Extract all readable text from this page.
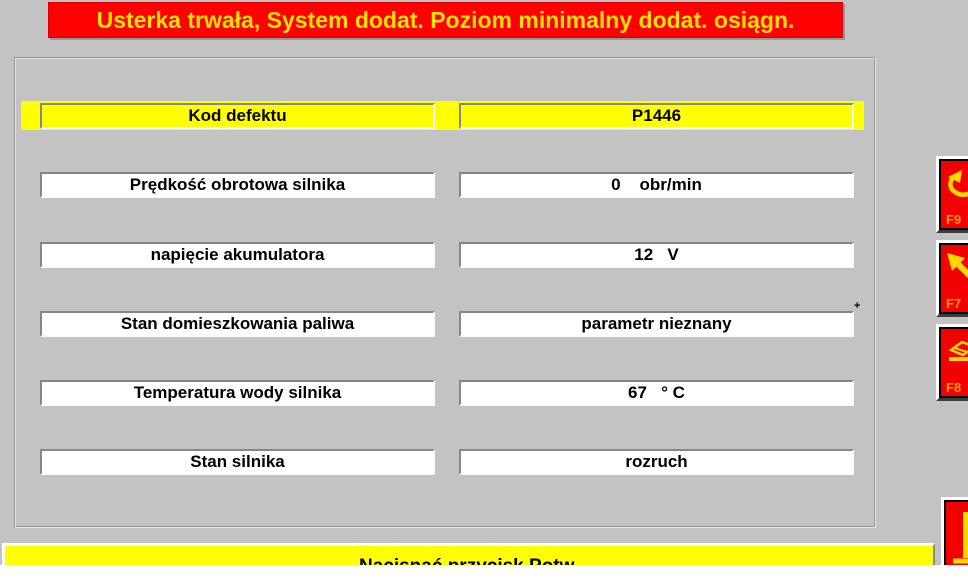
Usterka trwała, System dodat. Poziom minimalny dodat. osiągn.
Kod defektu	P1446
Prędkość obrotowa silnika	0    obr/min
napięcie akumulatora	12   V
Stan domieszkowania paliwa	parametr nieznany
Temperatura wody silnika	67   ° C
Stan silnika	rozruch
+
F9
F7
F8
